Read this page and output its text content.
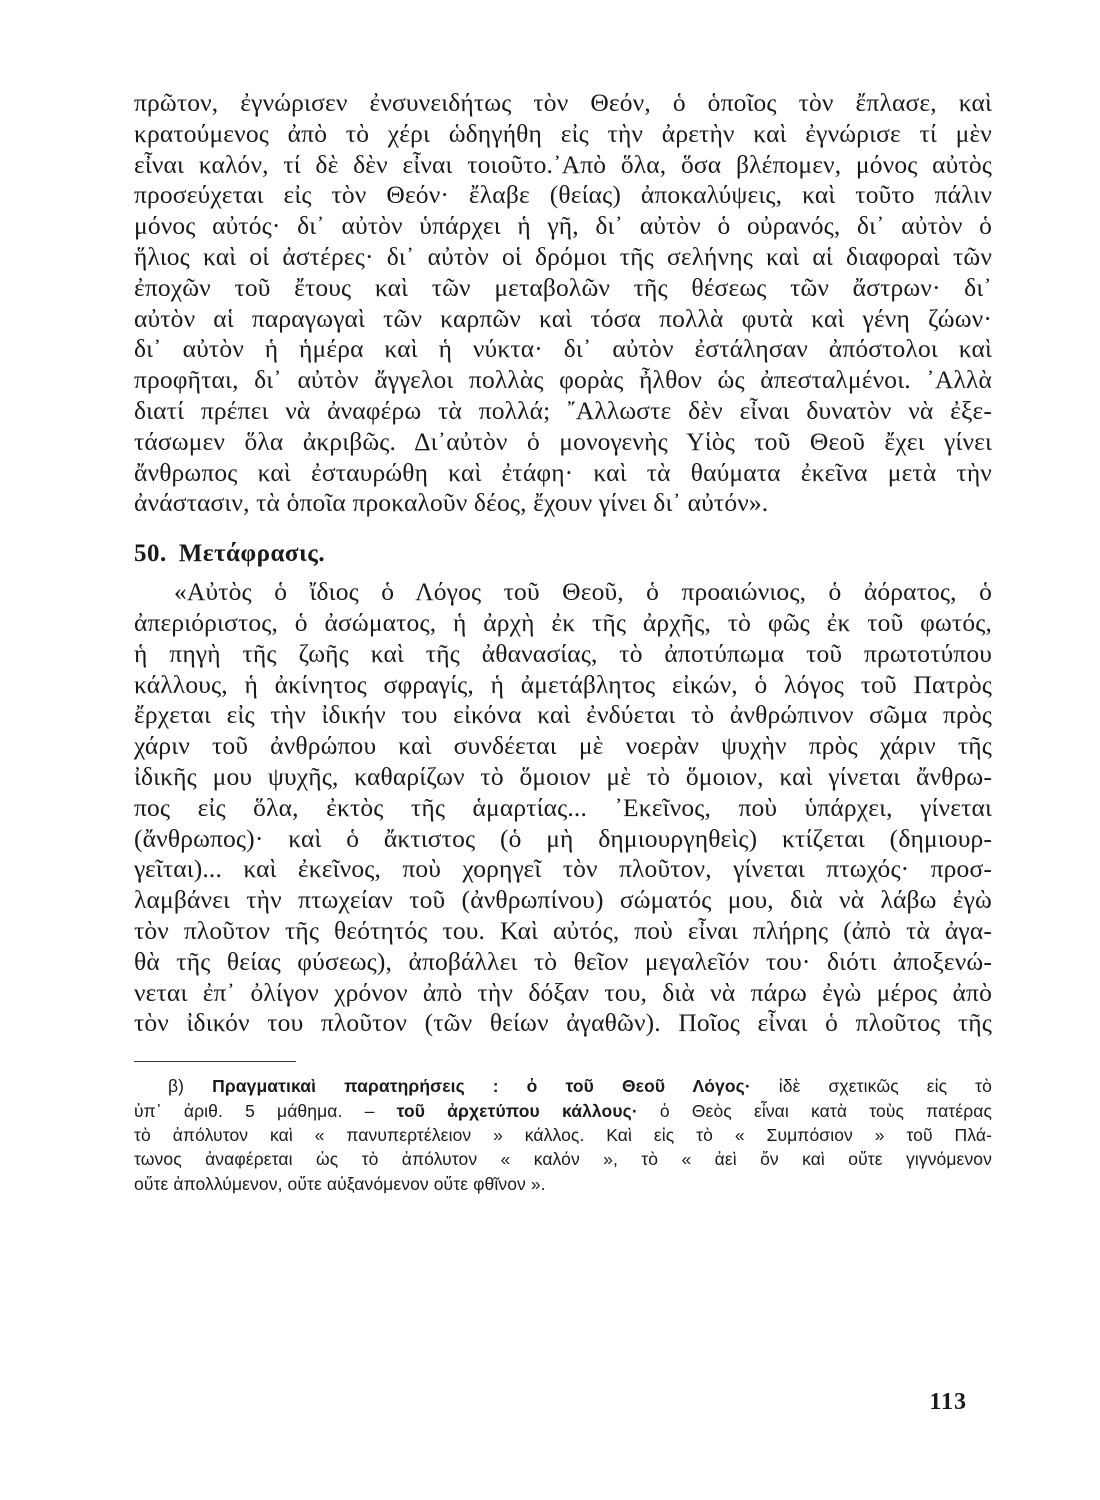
πρῶτον, ἐγνώρισεν ἐνσυνειδήτως τὸν Θεόν, ὁ ὁποῖος τὸν ἔπλασε, καὶ
κρατούμενος ἀπὸ τὸ χέρι ὡδηγήθη εἰς τὴν ἀρετὴν καὶ ἐγνώρισε τί μὲν
εἶναι καλόν, τί δὲ δὲν εἶναι τοιοῦτο.᾽Απὸ ὅλα, ὅσα βλέπομεν, μόνος αὐτὸς
προσεύχεται εἰς τὸν Θεόν· ἔλαβε (θείας) ἀποκαλύψεις, καὶ τοῦτο πάλιν
μόνος αὐτός· δι᾽ αὐτὸν ὑπάρχει ἡ γῆ, δι᾽ αὐτὸν ὁ οὐρανός, δι᾽ αὐτὸν ὁ
ἥλιος καὶ οἱ ἀστέρες· δι᾽ αὐτὸν οἱ δρόμοι τῆς σελήνης καὶ αἱ διαφοραὶ τῶν
ἐποχῶν τοῦ ἔτους καὶ τῶν μεταβολῶν τῆς θέσεως τῶν ἄστρων· δι᾽
αὐτὸν αἱ παραγωγαὶ τῶν καρπῶν καὶ τόσα πολλὰ φυτὰ καὶ γένη ζώων·
δι᾽ αὐτὸν ἡ ἡμέρα καὶ ἡ νύκτα· δι᾽ αὐτὸν ἐστάλησαν ἀπόστολοι καὶ
προφῆται, δι᾽ αὐτὸν ἄγγελοι πολλὰς φορὰς ἦλθον ὡς ἀπεσταλμένοι. ᾽Αλλὰ
διατί πρέπει νὰ ἀναφέρω τὰ πολλά; ῎Αλλωστε δὲν εἶναι δυνατὸν νὰ ἐξε-
τάσωμεν ὅλα ἀκριβῶς. Δι᾽αὐτὸν ὁ μονογενὴς Υἱὸς τοῦ Θεοῦ ἔχει γίνει
ἄνθρωπος καὶ ἐσταυρώθη καὶ ἐτάφη· καὶ τὰ θαύματα ἐκεῖνα μετὰ τὴν
ἀνάστασιν, τὰ ὁποῖα προκαλοῦν δέος, ἔχουν γίνει δι᾽ αὐτόν».
50. Μετάφρασις.
«Αὐτὸς ὁ ἴδιος ὁ Λόγος τοῦ Θεοῦ, ὁ προαιώνιος, ὁ ἀόρατος, ὁ
ἀπεριόριστος, ὁ ἀσώματος, ἡ ἀρχὴ ἐκ τῆς ἀρχῆς, τὸ φῶς ἐκ τοῦ φωτός,
ἡ πηγὴ τῆς ζωῆς καὶ τῆς ἀθανασίας, τὸ ἀποτύπωμα τοῦ πρωτοτύπου
κάλλους, ἡ ἀκίνητος σφραγίς, ἡ ἀμετάβλητος εἰκών, ὁ λόγος τοῦ Πατρὸς
ἔρχεται εἰς τὴν ἰδικήν του εἰκόνα καὶ ἐνδύεται τὸ ἀνθρώπινον σῶμα πρὸς
χάριν τοῦ ἀνθρώπου καὶ συνδέεται μὲ νοερὰν ψυχὴν πρὸς χάριν τῆς
ἰδικῆς μου ψυχῆς, καθαρίζων τὸ ὅμοιον μὲ τὸ ὅμοιον, καὶ γίνεται ἄνθρω-
πος εἰς ὅλα, ἐκτὸς τῆς ἁμαρτίας... ᾽Εκεῖνος, ποὺ ὑπάρχει, γίνεται
(ἄνθρωπος)· καὶ ὁ ἄκτιστος (ὁ μὴ δημιουργηθεὶς) κτίζεται (δημιουρ-
γεῖται)... καὶ ἐκεῖνος, ποὺ χορηγεῖ τὸν πλοῦτον, γίνεται πτωχός· προσ-
λαμβάνει τὴν πτωχείαν τοῦ (ἀνθρωπίνου) σώματός μου, διὰ νὰ λάβω ἐγὼ
τὸν πλοῦτον τῆς θεότητός του. Καὶ αὐτός, ποὺ εἶναι πλήρης (ἀπὸ τὰ ἀγα-
θὰ τῆς θείας φύσεως), ἀποβάλλει τὸ θεῖον μεγαλεῖόν του· διότι ἀποξενώ-
νεται ἐπ᾽ ὀλίγον χρόνον ἀπὸ τὴν δόξαν του, διὰ νὰ πάρω ἐγὼ μέρος ἀπὸ
τὸν ἰδικόν του πλοῦτον (τῶν θείων ἀγαθῶν). Ποῖος εἶναι ὁ πλοῦτος τῆς
β) Πραγματικαὶ παρατηρήσεις : ὁ τοῦ Θεοῦ Λόγος· ἰδὲ σχετικῶς εἰς τὸ
ὑπ᾽ ἀριθ. 5 μάθημα. – τοῦ ἀρχετύπου κάλλους· ὁ Θεὸς εἶναι κατὰ τοὺς πατέρας
τὸ ἀπόλυτον καὶ « πανυπερτέλειον » κάλλος. Καὶ εἰς τὸ « Συμπόσιον » τοῦ Πλά-
τωνος ἀναφέρεται ὡς τὸ ἀπόλυτον « καλόν », τὸ « ἀεὶ ὄν καὶ οὔτε γιγνόμενον
οὔτε ἀπολλύμενον, οὔτε αὐξανόμενον οὔτε φθῖνον ».
113
